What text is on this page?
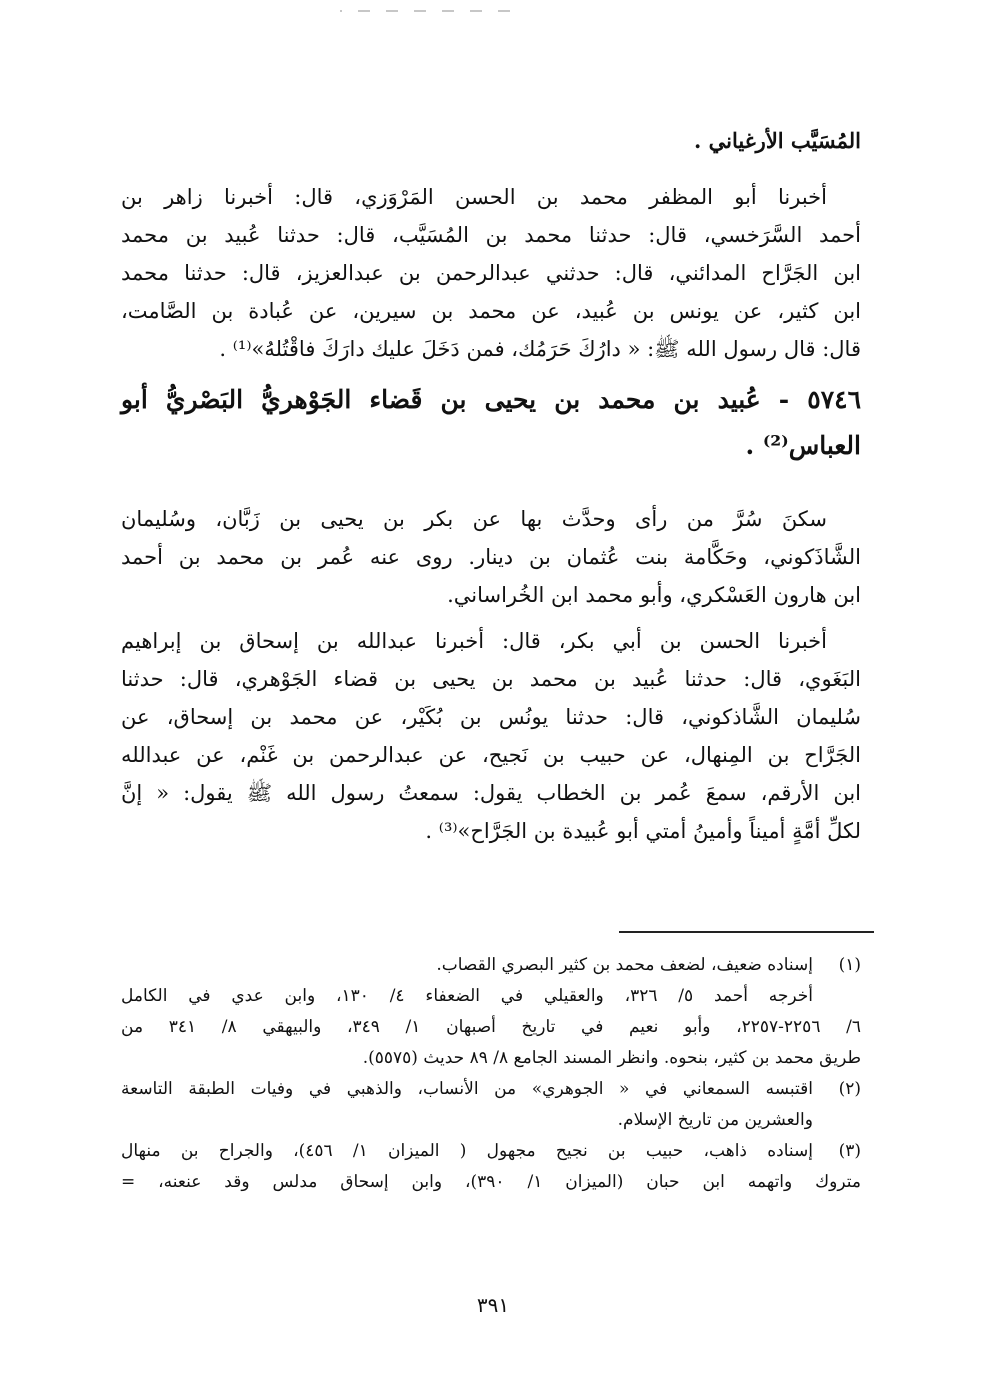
المُسَيَّب الأرغياني .
أخبرنا أبو المظفر محمد بن الحسن المَرْوَزي، قال: أخبرنا زاهر بن
أحمد السَّرَخسي، قال: حدثنا محمد بن المُسَيَّب، قال: حدثنا عُبيد بن محمد
ابن الجَرَّاح المدائني، قال: حدثني عبدالرحمن بن عبدالعزيز، قال: حدثنا محمد
ابن كثير، عن يونس بن عُبيد، عن محمد بن سيرين، عن عُبادة بن الصَّامت،
قال: قال رسول الله ﷺ: « دارُكَ حَرَمُك، فمن دَخَلَ عليك دارَكَ فاقْتُلهُ»⁽¹⁾ .
٥٧٤٦ - عُبيد بن محمد بن يحيى بن قَضاء الجَوْهريُّ البَصْريُّ أبو
العباس⁽²⁾ .
سكنَ سُرَّ من رأى وحدَّث بها عن بكر بن يحيى بن زَبَّان، وسُليمان
الشَّاذَكوني، وحَكَّامة بنت عُثمان بن دينار. روى عنه عُمر بن محمد بن أحمد
ابن هارون العَسْكري، وأبو محمد ابن الخُراساني.
أخبرنا الحسن بن أبي بكر، قال: أخبرنا عبدالله بن إسحاق بن إبراهيم
البَغَوي، قال: حدثنا عُبيد بن محمد بن يحيى بن قضاء الجَوْهري، قال: حدثنا
سُليمان الشَّاذكوني، قال: حدثنا يونُس بن بُكَيْر، عن محمد بن إسحاق، عن
الجَرَّاح بن المِنهال، عن حبيب بن نَجيح، عن عبدالرحمن بن غَنْم، عن عبدالله
ابن الأرقم، سمعَ عُمر بن الخطاب يقول: سمعتُ رسول الله ﷺ يقول: « إنَّ
لكلِّ أمَّةٍ أميناً وأمينُ أمتي أبو عُبيدة بن الجَرَّاح»⁽³⁾ .
(١)
إسناده ضعيف، لضعف محمد بن كثير البصري القصاب.
أخرجه أحمد ٥/ ٣٢٦، والعقيلي في الضعفاء ٤/ ١٣٠، وابن عدي في الكامل
٦/ ٢٢٥٦-٢٢٥٧، وأبو نعيم في تاريخ أصبهان ١/ ٣٤٩، والبيهقي ٨/ ٣٤١ من
طريق محمد بن كثير، بنحوه. وانظر المسند الجامع ٨/ ٨٩ حديث (٥٥٧٥).
(٢)
اقتبسه السمعاني في « الجوهري» من الأنساب، والذهبي في وفيات الطبقة التاسعة
والعشرين من تاريخ الإسلام.
(٣)
إسناده ذاهب، حبيب بن نجيح مجهول ( الميزان ١/ ٤٥٦)، والجراح بن منهال
متروك واتهمه ابن حبان (الميزان ١/ ٣٩٠)، وابن إسحاق مدلس وقد عنعنه، =
٣٩١
